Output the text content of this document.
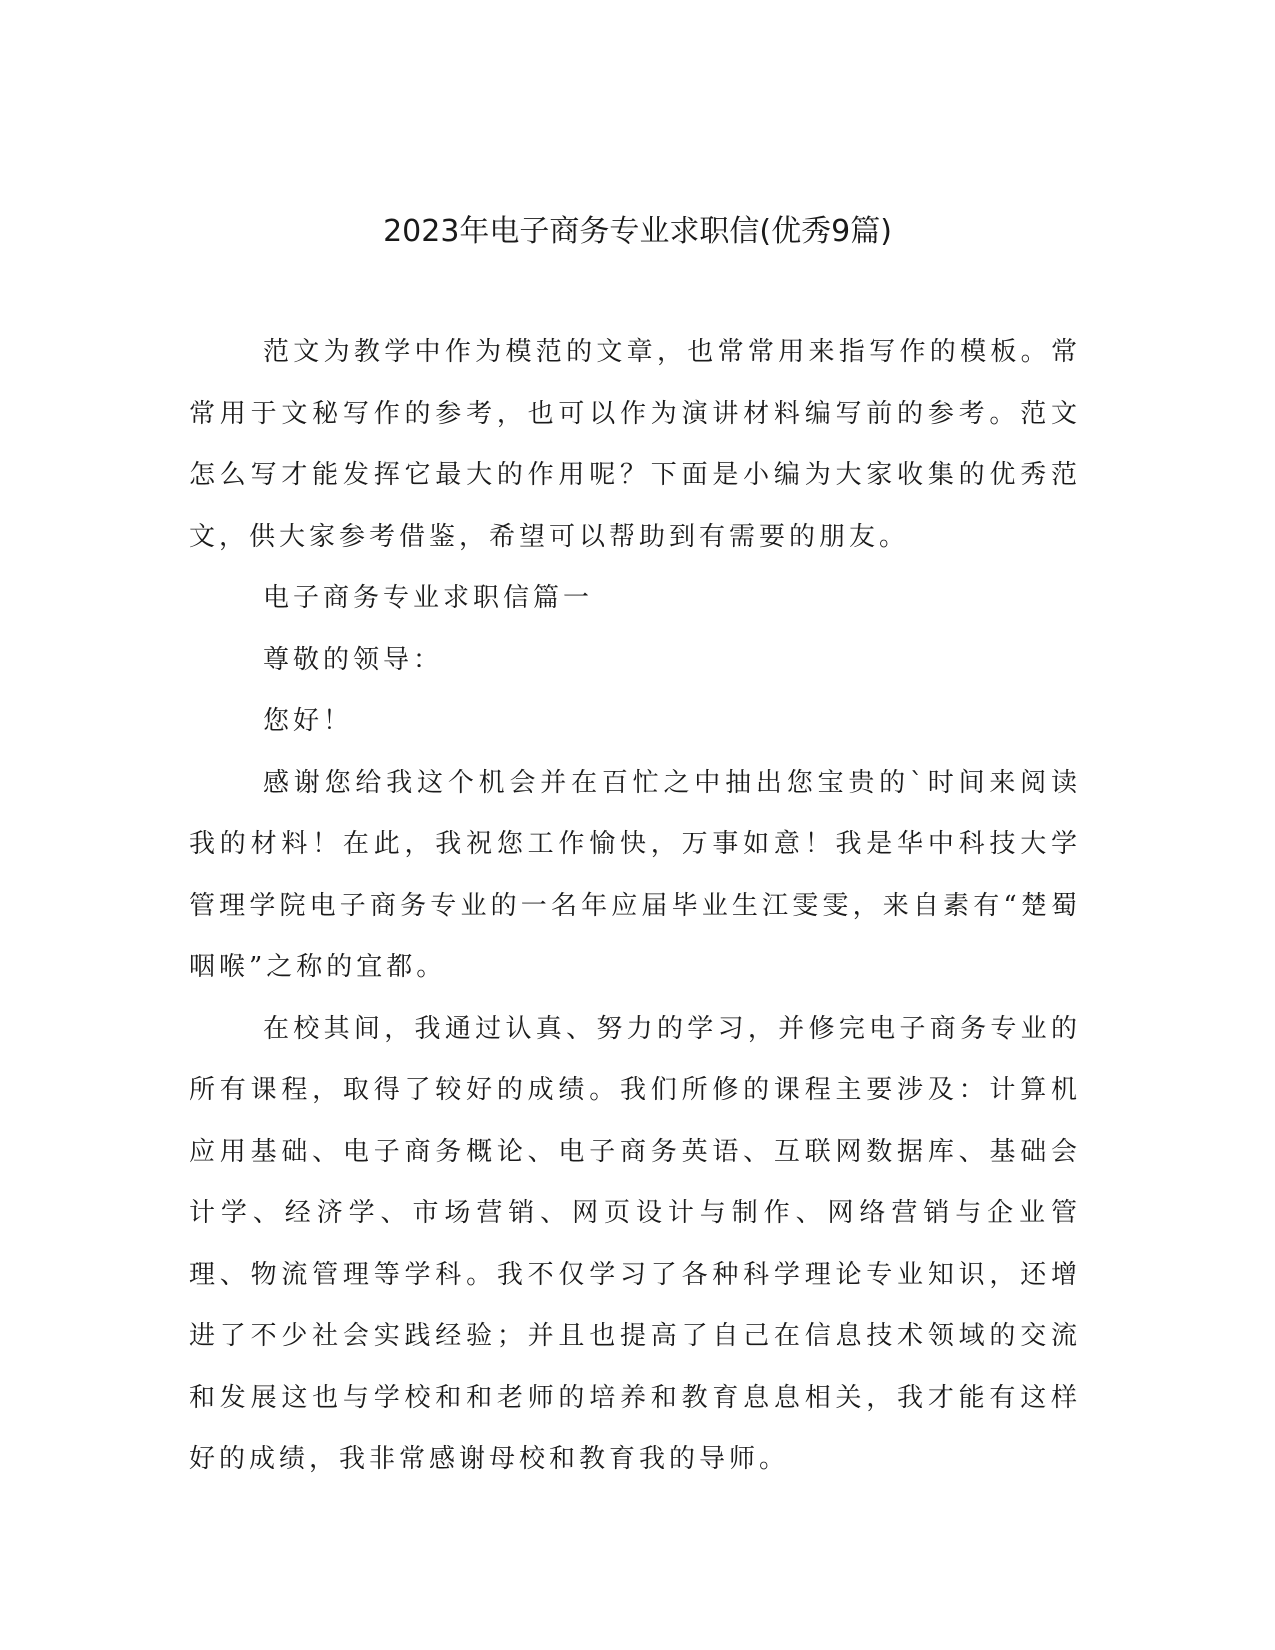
2023年电子商务专业求职信(优秀9篇)

范文为教学中作为模范的文章，也常常用来指写作的模板。常常用于文秘写作的参考，也可以作为演讲材料编写前的参考。范文怎么写才能发挥它最大的作用呢？下面是小编为大家收集的优秀范文，供大家参考借鉴，希望可以帮助到有需要的朋友。

电子商务专业求职信篇一

尊敬的领导：

您好！

感谢您给我这个机会并在百忙之中抽出您宝贵的`时间来阅读我的材料！在此，我祝您工作愉快，万事如意！我是华中科技大学管理学院电子商务专业的一名年应届毕业生江雯雯，来自素有“楚蜀咽喉”之称的宜都。

在校其间，我通过认真、努力的学习，并修完电子商务专业的所有课程，取得了较好的成绩。我们所修的课程主要涉及：计算机应用基础、电子商务概论、电子商务英语、互联网数据库、基础会计学、经济学、市场营销、网页设计与制作、网络营销与企业管理、物流管理等学科。我不仅学习了各种科学理论专业知识，还增进了不少社会实践经验；并且也提高了自己在信息技术领域的交流和发展这也与学校和和老师的培养和教育息息相关，我才能有这样好的成绩，我非常感谢母校和教育我的导师。
